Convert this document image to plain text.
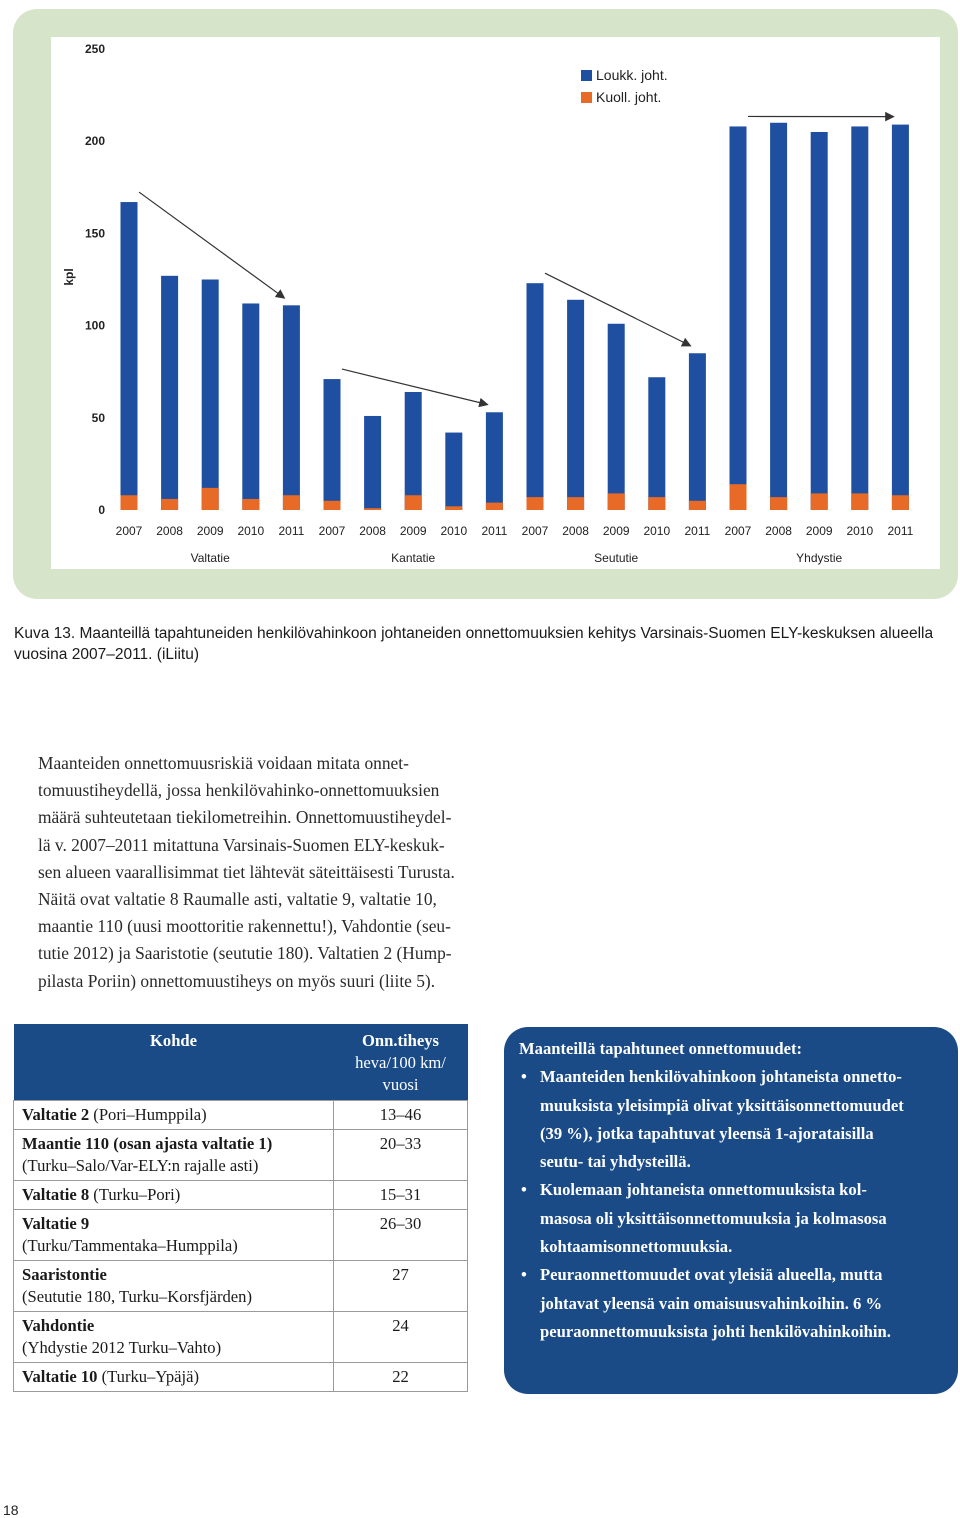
0
50
100
150
200
250
kpl
2007 2008 2009 2010 2011 2007 2008 2009 2010 2011 2007 2008 2009 2010 2011 2007 2008 2009 2010 2011
Valtatie	Kantatie	Seututie	Yhdystie
Loukk. joht.
Kuoll. joht.
Kuva 13. Maanteillä tapahtuneiden henkilövahinkoon johtaneiden onnettomuuksien kehitys Varsinais-Suomen ELY-keskuksen alueella vuosina 2007–2011. (iLiitu)

Maanteiden onnettomuusriskiä voidaan mitata onnet-
tomuustiheydellä, jossa henkilövahinko-onnettomuuksien
määrä suhteutetaan tiekilometreihin. Onnettomuustiheydel-
lä v. 2007–2011 mitattuna Varsinais-Suomen ELY-keskuk-
sen alueen vaarallisimmat tiet lähtevät säteittäisesti Turusta.
Näitä ovat valtatie 8 Raumalle asti, valtatie 9, valtatie 10,
maantie 110 (uusi moottoritie rakennettu!), Vahdontie (seu-
tutie 2012) ja Saaristotie (seututie 180). Valtatien 2 (Hump-
pilasta Poriin) onnettomuustiheys on myös suuri (liite 5).

Kohde	Onn.tiheys
heva/100 km/
vuosi

Valtatie 2 (Pori–Humppila)	13–46
Maantie 110 (osan ajasta valtatie 1)
(Turku–Salo/Var-ELY:n rajalle asti)	20–33
Valtatie 8 (Turku–Pori)	15–31
Valtatie 9
(Turku/Tammentaka–Humppila)	26–30
Saaristontie
(Seututie 180, Turku–Korsfjärden)	27
Vahdontie
(Yhdystie 2012 Turku–Vahto)	24
Valtatie 10 (Turku–Ypäjä)	22
Maanteillä tapahtuneet onnettomuudet:
• Maanteiden henkilövahinkoon johtaneista onnetto-
muuksista yleisimpiä olivat yksittäisonnettomuudet
(39 %), jotka tapahtuvat yleensä 1-ajorataisilla
seutu- tai yhdysteillä.
• Kuolemaan johtaneista onnettomuuksista kol-
masosa oli yksittäisonnettomuuksia ja kolmasosa
kohtaamisonnettomuuksia.
• Peuraonnettomuudet ovat yleisiä alueella, mutta
johtavat yleensä vain omaisuusvahinkoihin. 6 %
peuraonnettomuuksista johti henkilövahinkoihin.
18
